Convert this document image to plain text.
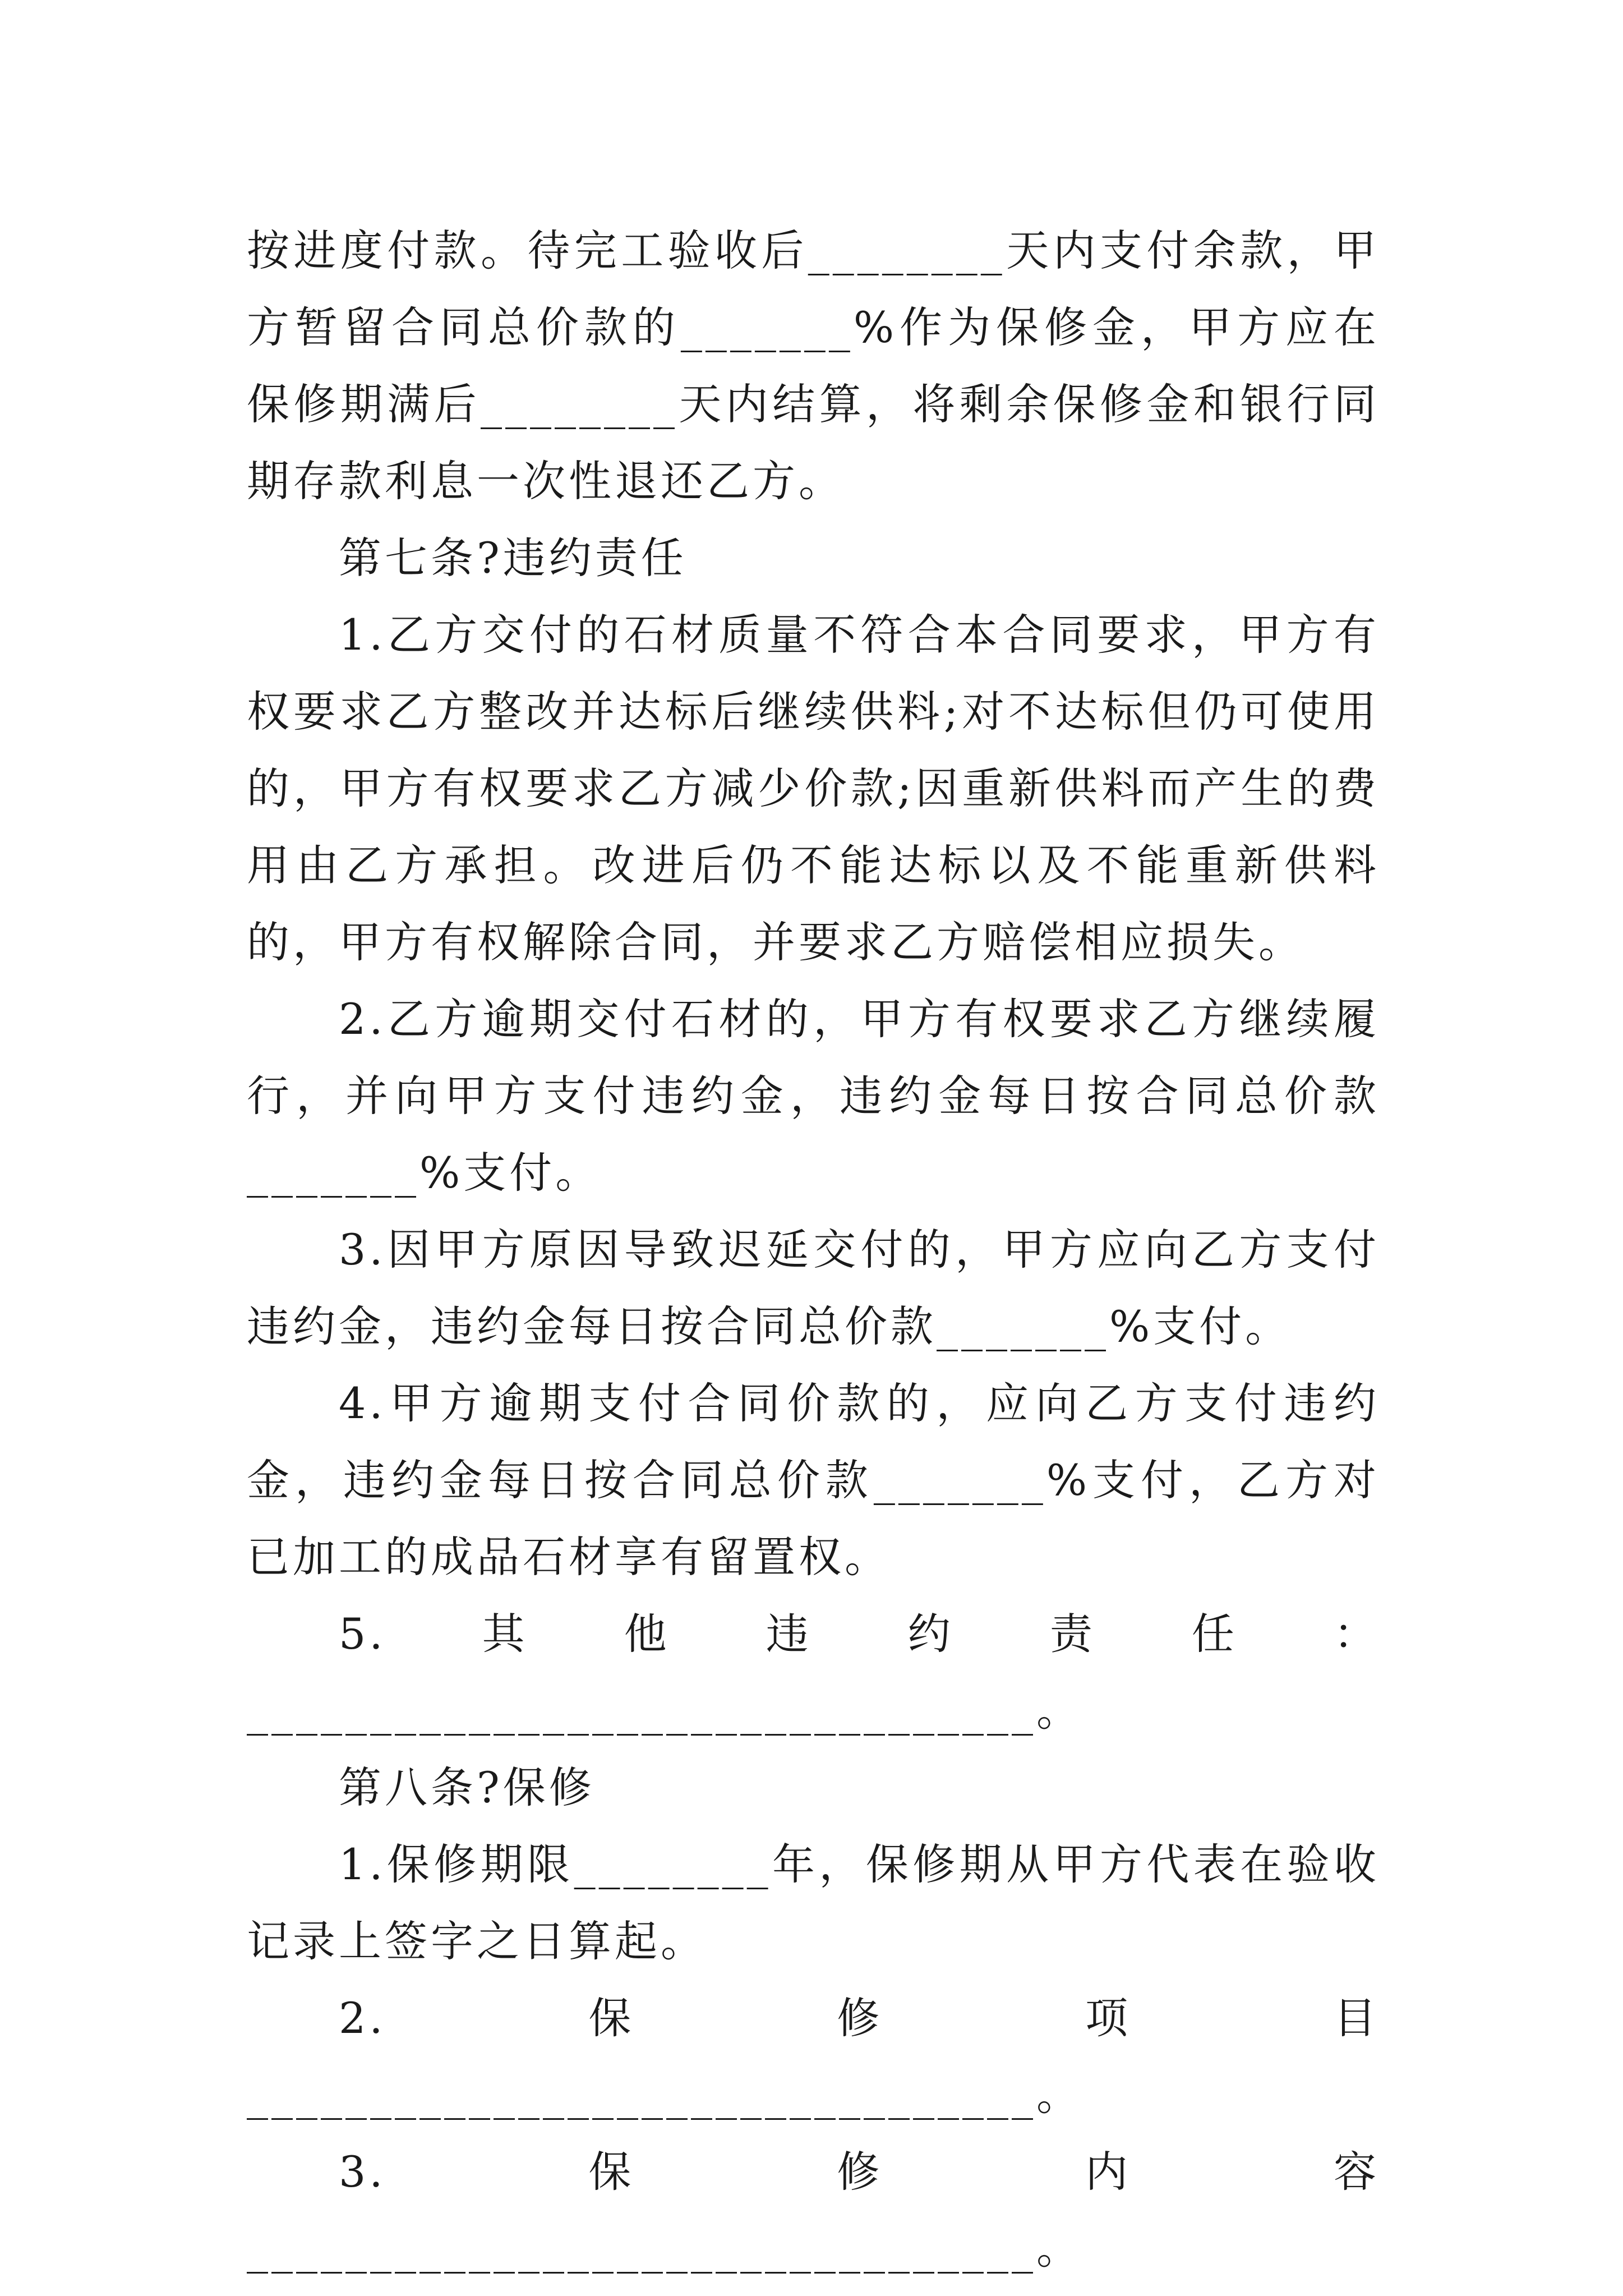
按进度付款。待完工验收后________天内支付余款，甲方暂留合同总价款的_______%作为保修金，甲方应在保修期满后________天内结算，将剩余保修金和银行同期存款利息一次性退还乙方。

第七条?违约责任

1.乙方交付的石材质量不符合本合同要求，甲方有权要求乙方整改并达标后继续供料;对不达标但仍可使用的，甲方有权要求乙方减少价款;因重新供料而产生的费用由乙方承担。改进后仍不能达标以及不能重新供料的，甲方有权解除合同，并要求乙方赔偿相应损失。

2.乙方逾期交付石材的，甲方有权要求乙方继续履行，并向甲方支付违约金，违约金每日按合同总价款_______%支付。

3.因甲方原因导致迟延交付的，甲方应向乙方支付违约金，违约金每日按合同总价款_______%支付。

4.甲方逾期支付合同价款的，应向乙方支付违约金，违约金每日按合同总价款_______%支付，乙方对已加工的成品石材享有留置权。

5.其他违约责任：________________________________。

第八条?保修

1.保修期限________年，保修期从甲方代表在验收记录上签字之日算起。

2.保修项目________________________________。

3.保修内容________________________________。
